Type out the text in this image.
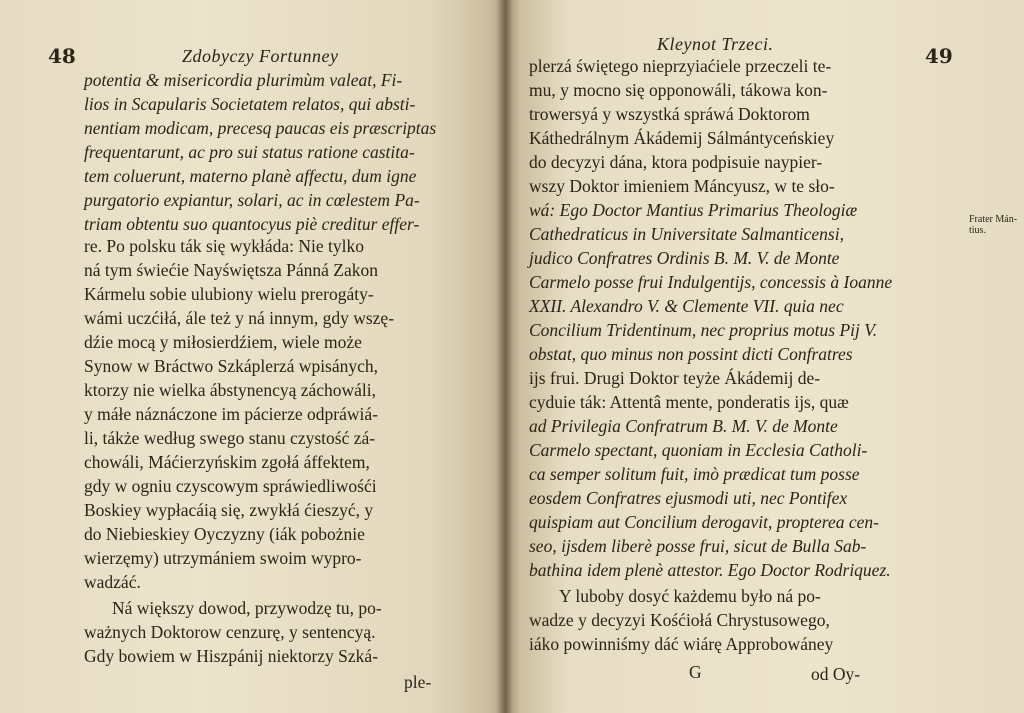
48	Zdobyczy Fortunney
potentia & misericordia plurimùm valeat, Fi-
lios in Scapularis Societatem relatos, qui absti-
nentiam modicam, precesq paucas eis præscriptas
frequentarunt, ac pro sui status ratione castita-
tem coluerunt, materno planè affectu, dum igne
purgatorio expiantur, solari, ac in cœlestem Pa-
triam obtentu suo quantocyus piè creditur effer-
re. Po polsku ták się wykłáda: Nie tylko
ná tym świećie Nayświętsza Pánná Zakon
Kármelu sobie ulubiony wielu prerogáty-
wámi uczćiłá, ále też y ná innym, gdy wszę-
dźie mocą y miłosierdźiem, wiele może
Synow w Bráctwo Szkáplerzá wpisánych,
ktorzy nie wielka ábstynencyą záchowáli,
y máłe náznáczone im pácierze odpráwiá-
li, tákże według swego stanu czystość zá-
chowáli, Máćierzyńskim zgołá áffektem,
gdy w ogniu czyscowym spráwiedliwośći
Boskiey wypłacáią się, zwykłá ćieszyć, y
do Niebieskiey Oyczyzny (iák pobożnie
wierzęmy) utrzymániem swoim wypro-
wadzáć.
Ná większy dowod, przywodzę tu, po-
ważnych Doktorow cenzurę, y sentencyą.
Gdy bowiem w Hiszpánij niektorzy Szká-
ple-
Kleynot Trzeci.	49
plerzá świętego nieprzyiaćiele przeczeli te-
mu, y mocno się opponowáli, tákowa kon-
trowersyá y wszystká spráwá Doktorom
Káthedrálnym Ákádemij Sálmántyceńskiey
do decyzyi dána, ktora podpisuie naypier-
wszy Doktor imieniem Máncyusz, w te sło-
wá: Ego Doctor Mantius Primarius Theologiæ
Cathedraticus in Universitate Salmanticensi,
judico Confratres Ordinis B. M. V. de Monte
Carmelo posse frui Indulgentijs, concessis à Ioanne
XXII. Alexandro V. & Clemente VII. quia nec
Concilium Tridentinum, nec proprius motus Pij V.
obstat, quo minus non possint dicti Confratres
ijs frui. Drugi Doktor teyże Ákádemij de-
cyduie ták: Attentâ mente, ponderatis ijs, quæ
ad Privilegia Confratrum B. M. V. de Monte
Carmelo spectant, quoniam in Ecclesia Catholi-
ca semper solitum fuit, imò prædicat tum posse
eosdem Confratres ejusmodi uti, nec Pontifex
quispiam aut Concilium derogavit, propterea cen-
seo, ijsdem liberè posse frui, sicut de Bulla Sab-
bathina idem plenè attestor. Ego Doctor Rodriquez.
Y luboby dosyć każdemu było ná po-
wadze y decyzyi Kośćiołá Chrystusowego,
iáko powinniśmy dáć wiárę Approbowáney
G	od Oy-
Frater Mán-tius.
